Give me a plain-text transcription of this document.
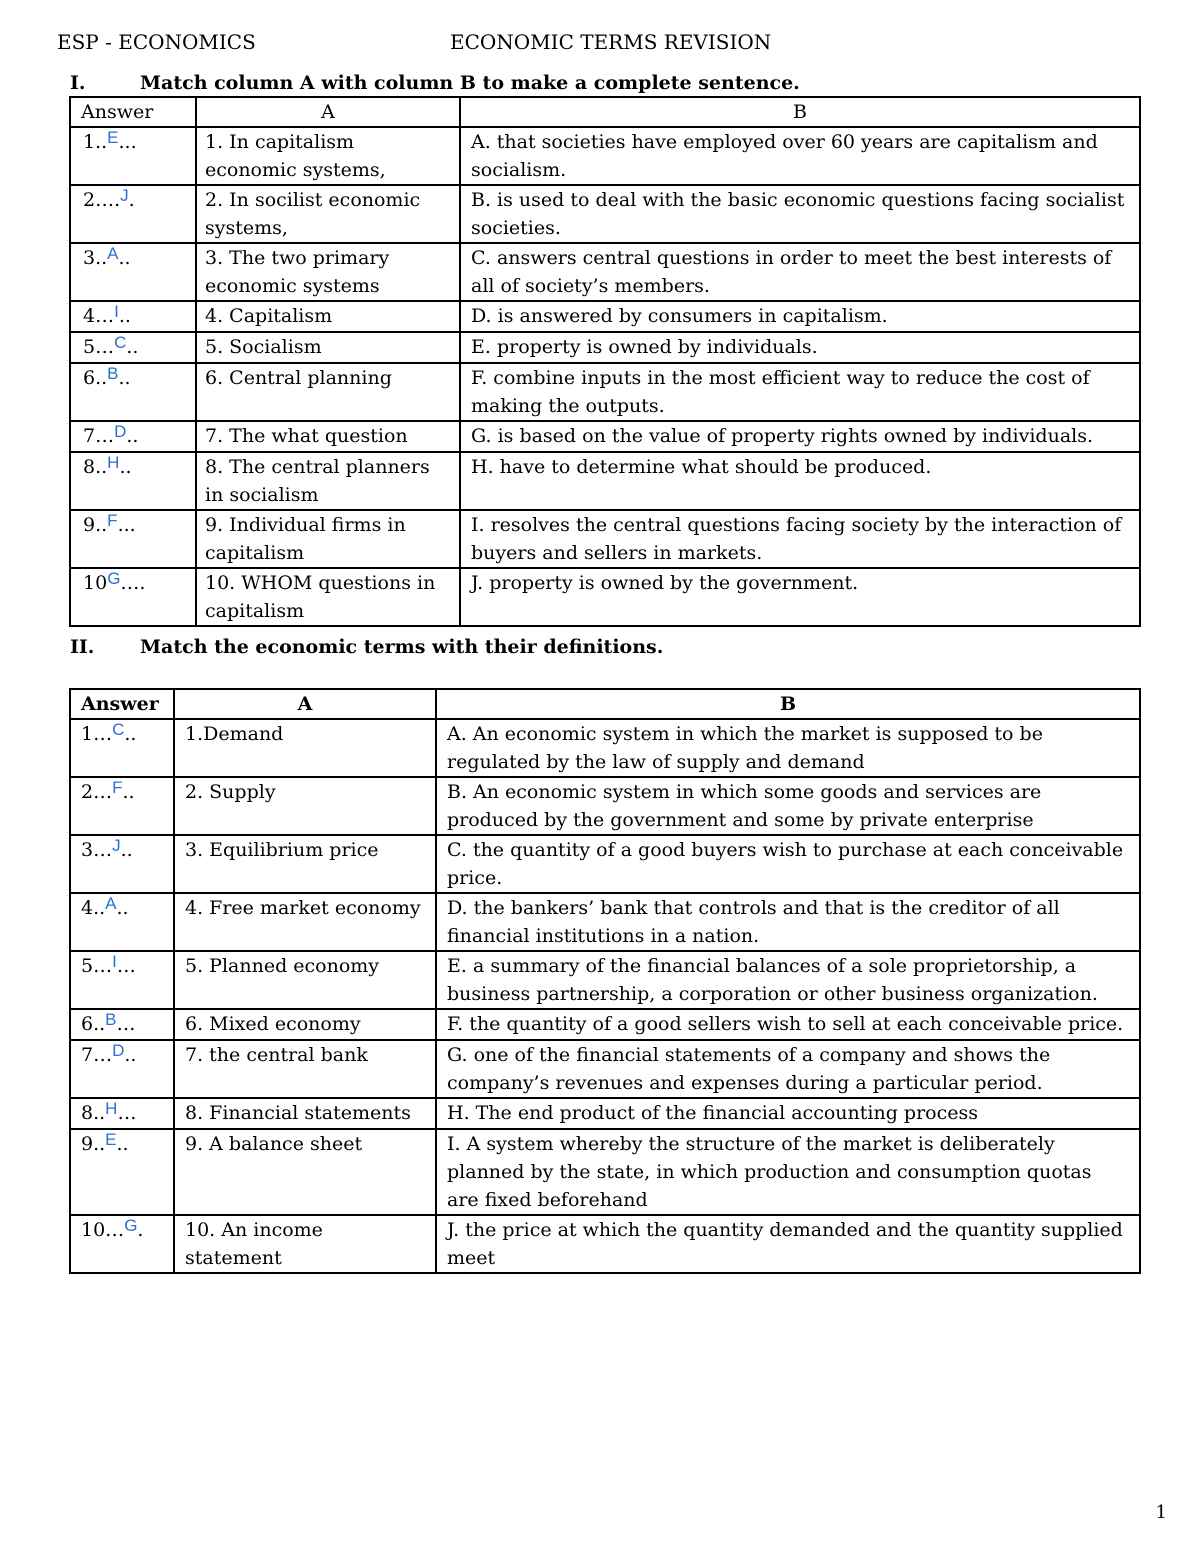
ESP - ECONOMICS	ECONOMIC TERMS REVISION
I.	Match column A with column B to make a complete sentence.
Answer	A	B
1..E...	1. In capitalism economic systems,	A. that societies have employed over 60 years are capitalism and socialism.
2….J.	2. In socilist economic systems,	B. is used to deal with the basic economic questions facing socialist societies.
3..A..	3. The two primary economic systems	C. answers central questions in order to meet the best interests of all of society’s members.
4…I..	4. Capitalism	D. is answered by consumers in capitalism.
5…C..	5. Socialism	E. property is owned by individuals.
6..B..	6. Central planning	F. combine inputs in the most efficient way to reduce the cost of making the outputs.
7…D..	7. The what question	G. is based on the value of property rights owned by individuals.
8..H..	8. The central planners in socialism	H. have to determine what should be produced.
9..F...	9. Individual firms in capitalism	I. resolves the central questions facing society by the interaction of buyers and sellers in markets.
10G….	10. WHOM questions in capitalism	J. property is owned by the government.
II. Match the economic terms with their definitions.
Answer	A	B
1…C..	1.Demand	A. An economic system in which the market is supposed to be regulated by the law of supply and demand
2…F..	2. Supply	B. An economic system in which some goods and services are produced by the government and some by private enterprise
3…J..	3. Equilibrium price	C. the quantity of a good buyers wish to purchase at each conceivable price.
4..A..	4. Free market economy	D. the bankers’ bank that controls and that is the creditor of all financial institutions in a nation.
5…I…	5. Planned economy	E. a summary of the financial balances of a sole proprietorship, a business partnership, a corporation or other business organization.
6..B…	6. Mixed economy	F. the quantity of a good sellers wish to sell at each conceivable price.
7…D..	7. the central bank	G. one of the financial statements of a company and shows the company’s revenues and expenses during a particular period.
8..H…	8. Financial statements	H. The end product of the financial accounting process
9..E..	9. A balance sheet	I. A system whereby the structure of the market is deliberately planned by the state, in which production and consumption quotas are fixed beforehand
10…G.	10. An income statement	J. the price at which the quantity demanded and the quantity supplied meet
1
